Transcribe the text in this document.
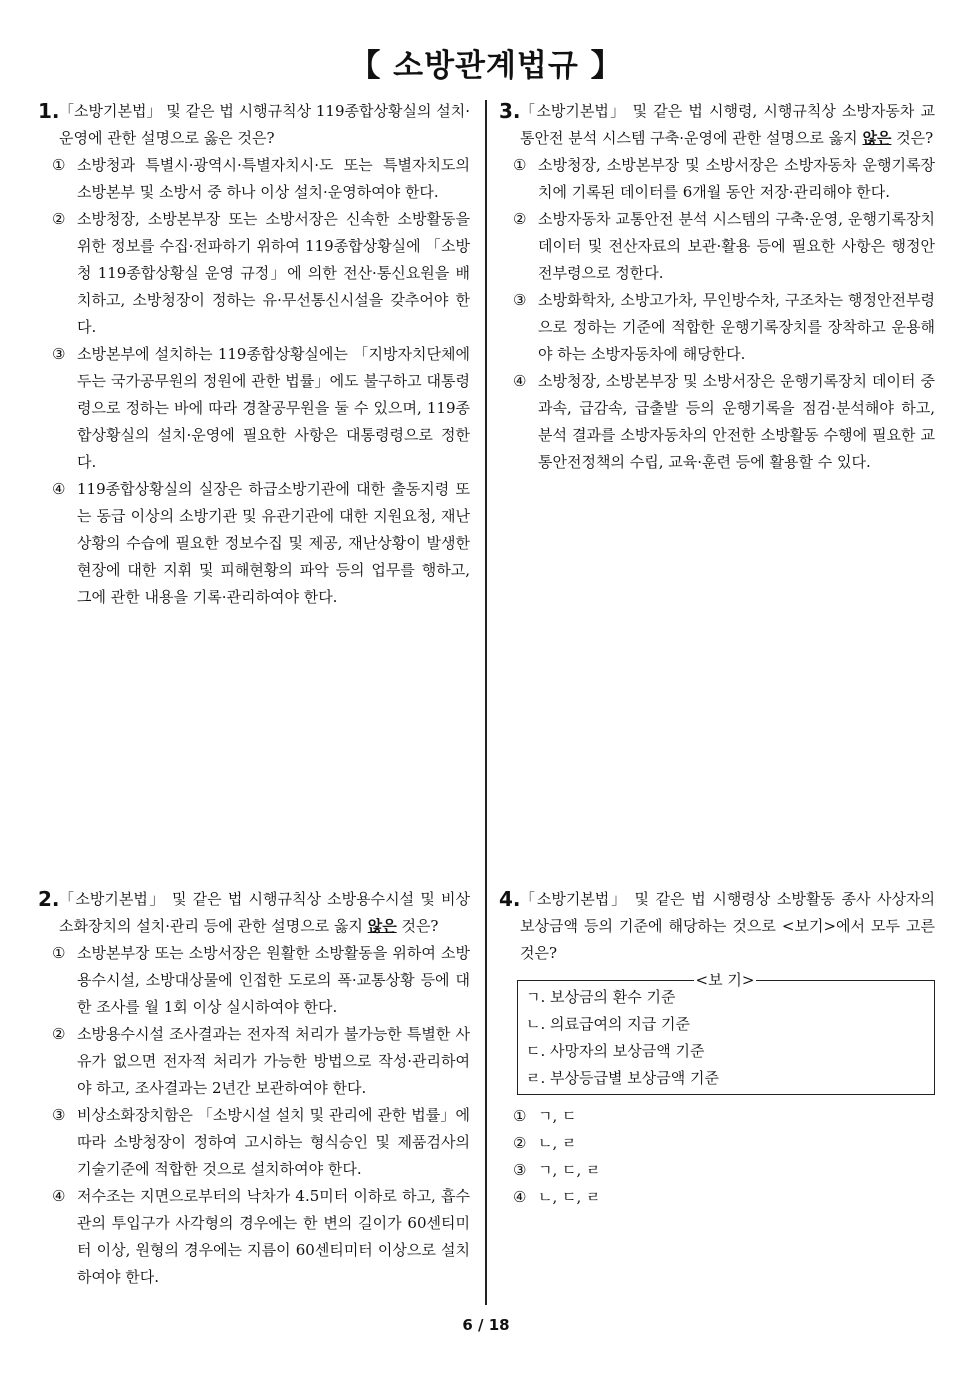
【 소방관계법규 】
1. 「소방기본법」 및 같은 법 시행규칙상 119종합상황실의 설치·운영에 관한 설명으로 옳은 것은?
① 소방청과 특별시·광역시·특별자치시·도 또는 특별자치도의 소방본부 및 소방서 중 하나 이상 설치·운영하여야 한다.
② 소방청장, 소방본부장 또는 소방서장은 신속한 소방활동을 위한 정보를 수집·전파하기 위하여 119종합상황실에 「소방청 119종합상황실 운영 규정」에 의한 전산·통신요원을 배치하고, 소방청장이 정하는 유·무선통신시설을 갖추어야 한다.
③ 소방본부에 설치하는 119종합상황실에는 「지방자치단체에 두는 국가공무원의 정원에 관한 법률」에도 불구하고 대통령령으로 정하는 바에 따라 경찰공무원을 둘 수 있으며, 119종합상황실의 설치·운영에 필요한 사항은 대통령령으로 정한다.
④ 119종합상황실의 실장은 하급소방기관에 대한 출동지령 또는 동급 이상의 소방기관 및 유관기관에 대한 지원요청, 재난상황의 수습에 필요한 정보수집 및 제공, 재난상황이 발생한 현장에 대한 지휘 및 피해현황의 파악 등의 업무를 행하고, 그에 관한 내용을 기록·관리하여야 한다.
3. 「소방기본법」 및 같은 법 시행령, 시행규칙상 소방자동차 교통안전 분석 시스템 구축·운영에 관한 설명으로 옳지 않은 것은?
① 소방청장, 소방본부장 및 소방서장은 소방자동차 운행기록장치에 기록된 데이터를 6개월 동안 저장·관리해야 한다.
② 소방자동차 교통안전 분석 시스템의 구축·운영, 운행기록장치 데이터 및 전산자료의 보관·활용 등에 필요한 사항은 행정안전부령으로 정한다.
③ 소방화학차, 소방고가차, 무인방수차, 구조차는 행정안전부령으로 정하는 기준에 적합한 운행기록장치를 장착하고 운용해야 하는 소방자동차에 해당한다.
④ 소방청장, 소방본부장 및 소방서장은 운행기록장치 데이터 중 과속, 급감속, 급출발 등의 운행기록을 점검·분석해야 하고, 분석 결과를 소방자동차의 안전한 소방활동 수행에 필요한 교통안전정책의 수립, 교육·훈련 등에 활용할 수 있다.
2. 「소방기본법」 및 같은 법 시행규칙상 소방용수시설 및 비상소화장치의 설치·관리 등에 관한 설명으로 옳지 않은 것은?
① 소방본부장 또는 소방서장은 원활한 소방활동을 위하여 소방용수시설, 소방대상물에 인접한 도로의 폭·교통상황 등에 대한 조사를 월 1회 이상 실시하여야 한다.
② 소방용수시설 조사결과는 전자적 처리가 불가능한 특별한 사유가 없으면 전자적 처리가 가능한 방법으로 작성·관리하여야 하고, 조사결과는 2년간 보관하여야 한다.
③ 비상소화장치함은 「소방시설 설치 및 관리에 관한 법률」에 따라 소방청장이 정하여 고시하는 형식승인 및 제품검사의 기술기준에 적합한 것으로 설치하여야 한다.
④ 저수조는 지면으로부터의 낙차가 4.5미터 이하로 하고, 흡수관의 투입구가 사각형의 경우에는 한 변의 길이가 60센티미터 이상, 원형의 경우에는 지름이 60센티미터 이상으로 설치하여야 한다.
4. 「소방기본법」 및 같은 법 시행령상 소방활동 종사 사상자의 보상금액 등의 기준에 해당하는 것으로 <보기>에서 모두 고른 것은?
<보 기>
ㄱ. 보상금의 환수 기준
ㄴ. 의료급여의 지급 기준
ㄷ. 사망자의 보상금액 기준
ㄹ. 부상등급별 보상금액 기준
① ㄱ, ㄷ
② ㄴ, ㄹ
③ ㄱ, ㄷ, ㄹ
④ ㄴ, ㄷ, ㄹ
6 / 18
